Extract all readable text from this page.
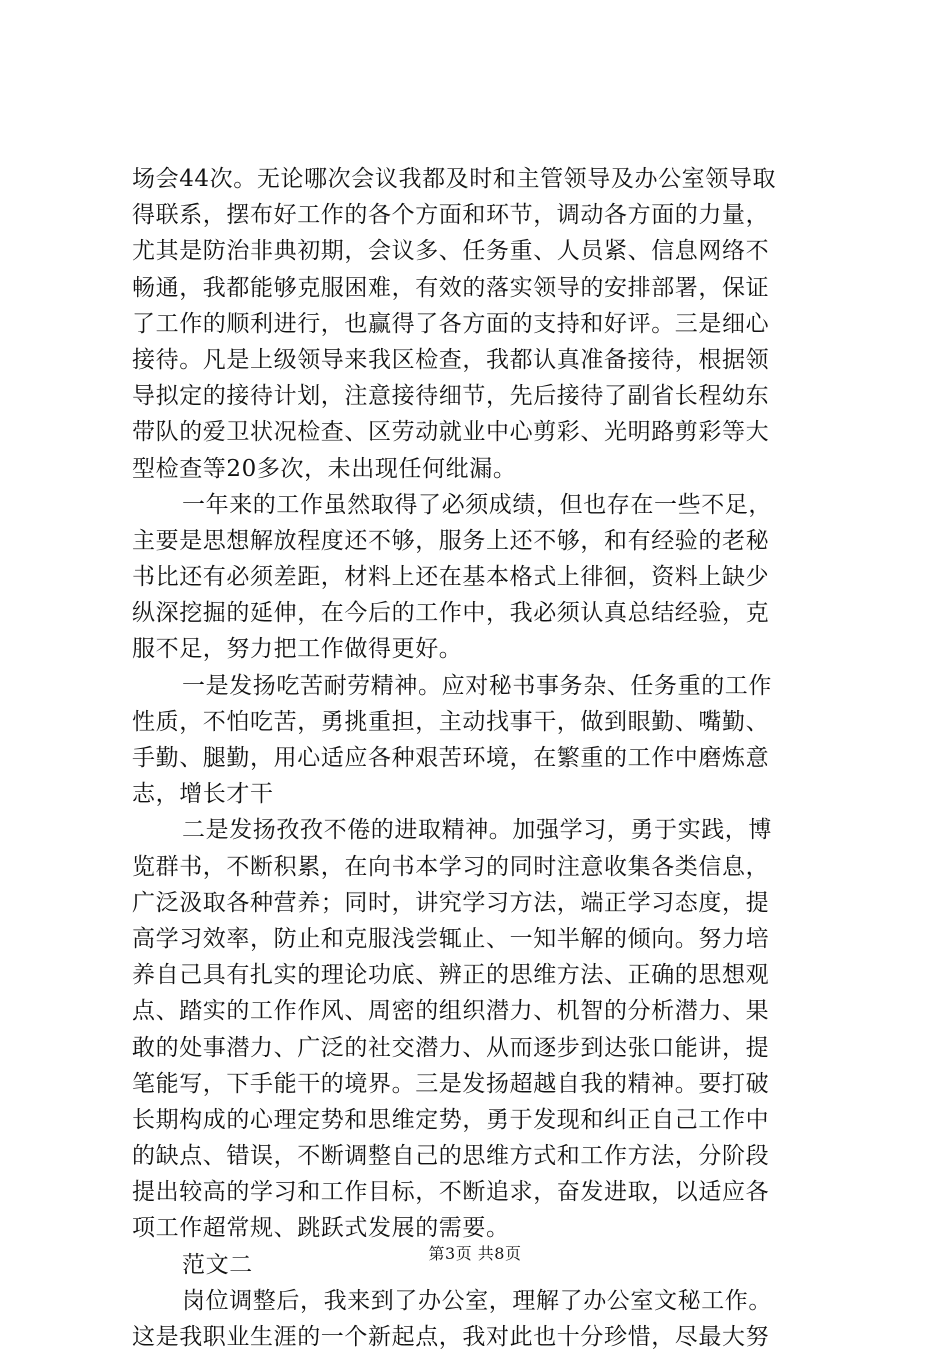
场会44次。无论哪次会议我都及时和主管领导及办公室领导取
得联系，摆布好工作的各个方面和环节，调动各方面的力量，
尤其是防治非典初期，会议多、任务重、人员紧、信息网络不
畅通，我都能够克服困难，有效的落实领导的安排部署，保证
了工作的顺利进行，也赢得了各方面的支持和好评。三是细心
接待。凡是上级领导来我区检查，我都认真准备接待，根据领
导拟定的接待计划，注意接待细节，先后接待了副省长程幼东
带队的爱卫状况检查、区劳动就业中心剪彩、光明路剪彩等大
型检查等20多次，未出现任何纰漏。
一年来的工作虽然取得了必须成绩，但也存在一些不足，
主要是思想解放程度还不够，服务上还不够，和有经验的老秘
书比还有必须差距，材料上还在基本格式上徘徊，资料上缺少
纵深挖掘的延伸，在今后的工作中，我必须认真总结经验，克
服不足，努力把工作做得更好。
一是发扬吃苦耐劳精神。应对秘书事务杂、任务重的工作
性质，不怕吃苦，勇挑重担，主动找事干，做到眼勤、嘴勤、
手勤、腿勤，用心适应各种艰苦环境，在繁重的工作中磨炼意
志，增长才干
二是发扬孜孜不倦的进取精神。加强学习，勇于实践，博
览群书，不断积累，在向书本学习的同时注意收集各类信息，
广泛汲取各种营养；同时，讲究学习方法，端正学习态度，提
高学习效率，防止和克服浅尝辄止、一知半解的倾向。努力培
养自己具有扎实的理论功底、辨正的思维方法、正确的思想观
点、踏实的工作作风、周密的组织潜力、机智的分析潜力、果
敢的处事潜力、广泛的社交潜力、从而逐步到达张口能讲，提
笔能写，下手能干的境界。三是发扬超越自我的精神。要打破
长期构成的心理定势和思维定势，勇于发现和纠正自己工作中
的缺点、错误，不断调整自己的思维方式和工作方法，分阶段
提出较高的学习和工作目标，不断追求，奋发进取，以适应各
项工作超常规、跳跃式发展的需要。
范文二
岗位调整后，我来到了办公室，理解了办公室文秘工作。
这是我职业生涯的一个新起点，我对此也十分珍惜，尽最大努
第3页 共8页
